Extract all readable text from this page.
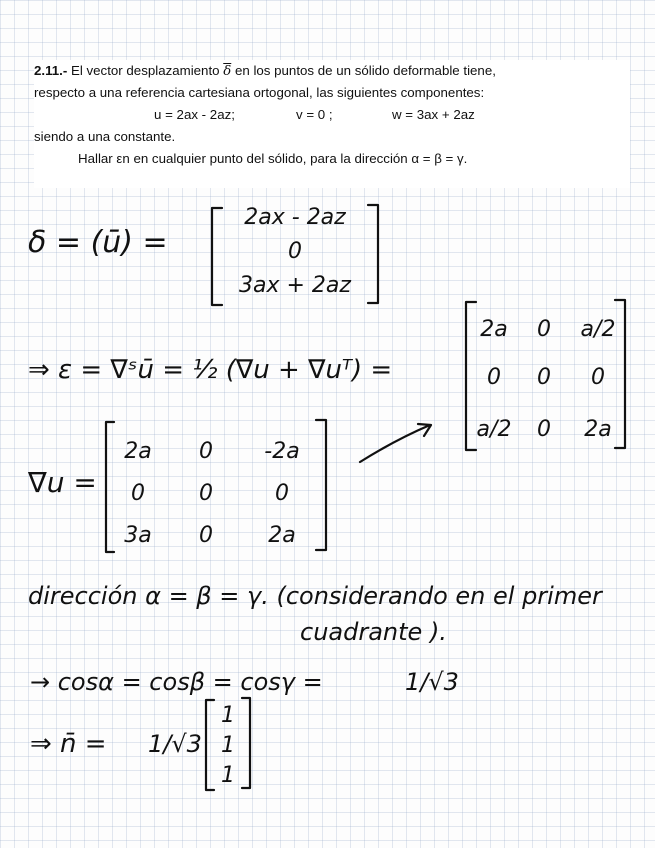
2.11.- El vector desplazamiento $\overline{\delta}$ en los puntos de un sólido deformable tiene,
respecto a una referencia cartesiana ortogonal, las siguientes componentes:
u = 2ax - 2az;	v = 0 ;	w = 3ax + 2az
siendo a una constante.
Hallar εn en cualquier punto del sólido, para la dirección α = β = γ.
δ = (ū) =
2ax - 2az
0
3ax + 2az
⇒ ε = ∇ˢū = ½ (∇u + ∇uᵀ) =
2a 0 a/2
0 0 0
a/2 0 2a
∇u =
2a 0 -2a
0 0	0
3a 0	2a
dirección α = β = γ. (considerando en el primer
cuadrante ).
→ cosα = cosβ = cosγ =	1/√3
⇒ n̄ = 1/√3
1
1
1
